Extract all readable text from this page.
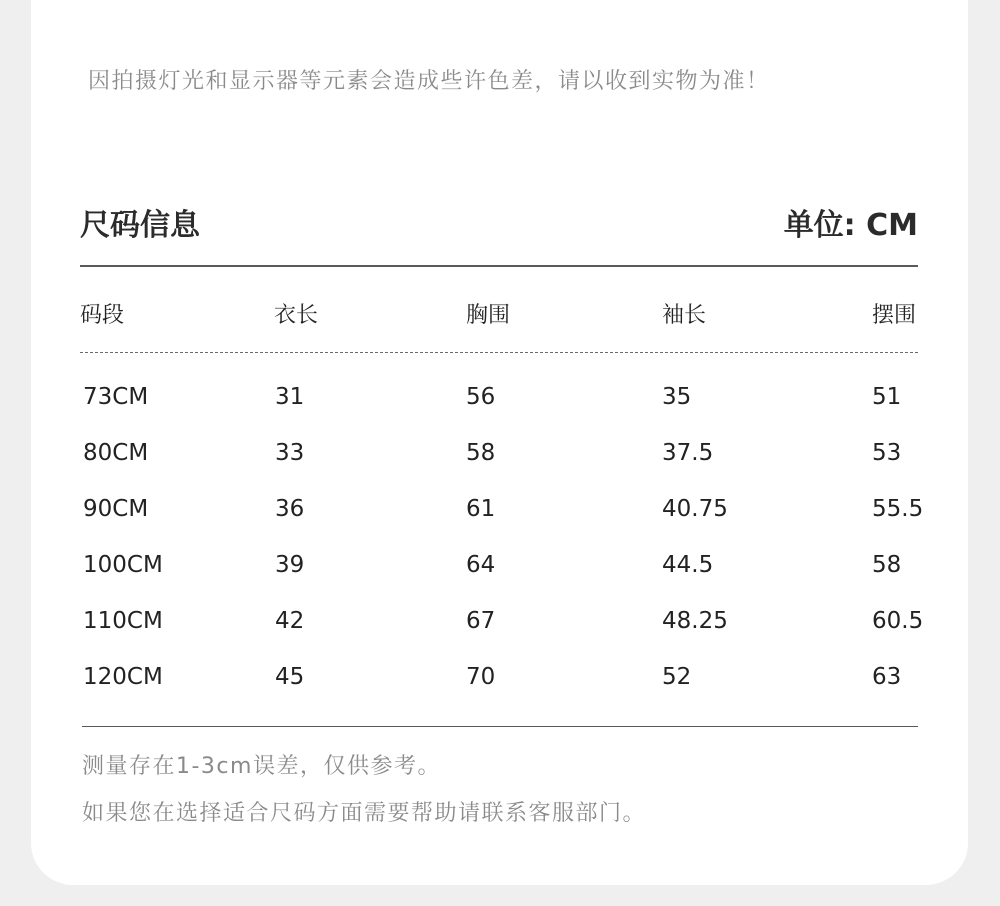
因拍摄灯光和显示器等元素会造成些许色差，请以收到实物为准！
尺码信息	单位: CM
码段	衣长	胸围	袖长	摆围
73CM	31	56	35	51
80CM	33	58	37.5	53
90CM	36	61	40.75	55.5
100CM	39	64	44.5	58
110CM	42	67	48.25	60.5
120CM	45	70	52	63
测量存在1-3cm误差，仅供参考。
如果您在选择适合尺码方面需要帮助请联系客服部门。
